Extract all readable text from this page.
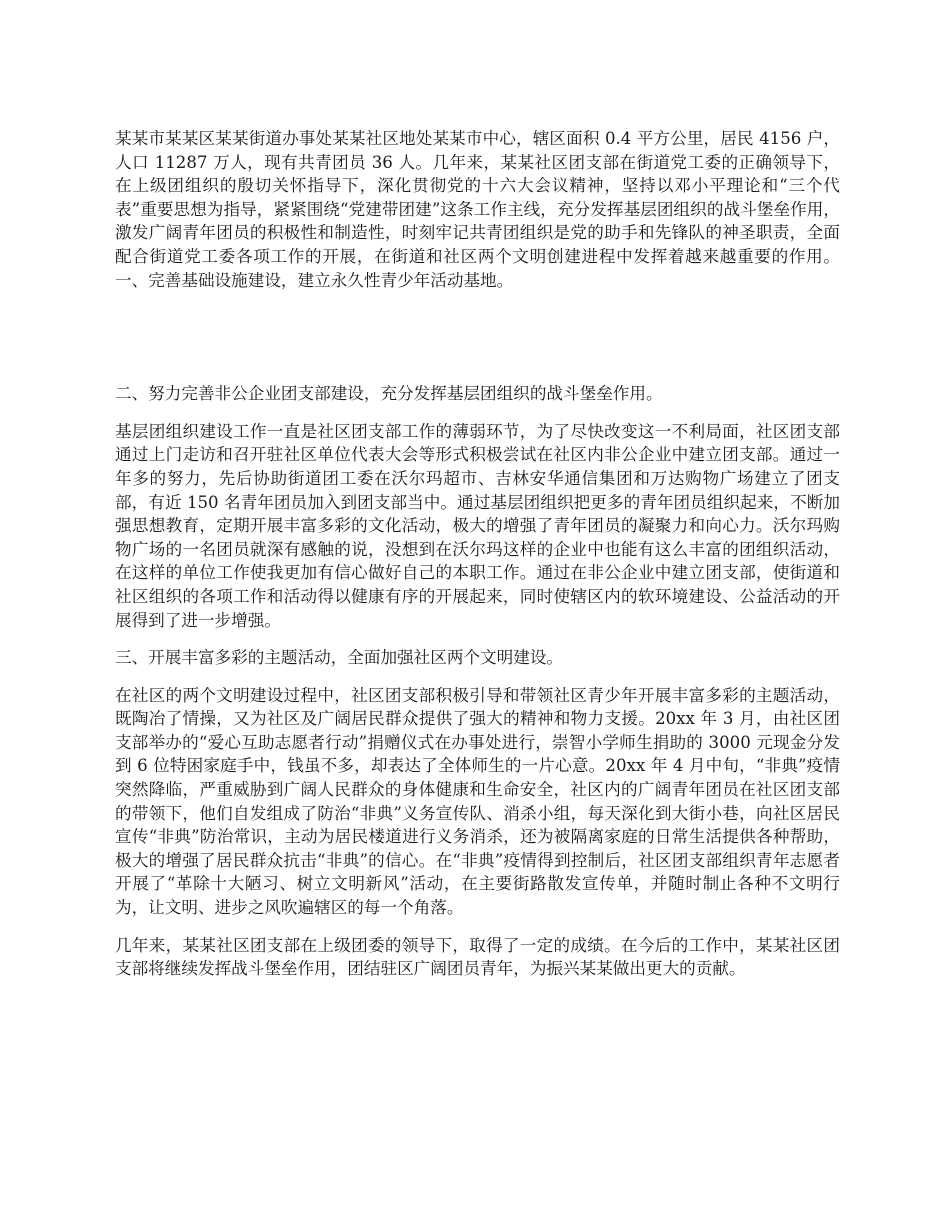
某某市某某区某某街道办事处某某社区地处某某市中心，辖区面积 0.4 平方公里，居民 4156 户，人口 11287 万人，现有共青团员 36 人。几年来，某某社区团支部在街道党工委的正确领导下，在上级团组织的殷切关怀指导下，深化贯彻党的十六大会议精神，坚持以邓小平理论和“三个代表”重要思想为指导，紧紧围绕“党建带团建”这条工作主线，充分发挥基层团组织的战斗堡垒作用，激发广阔青年团员的积极性和制造性，时刻牢记共青团组织是党的助手和先锋队的神圣职责，全面配合街道党工委各项工作的开展，在街道和社区两个文明创建进程中发挥着越来越重要的作用。一、完善基础设施建设，建立永久性青少年活动基地。

二、努力完善非公企业团支部建设，充分发挥基层团组织的战斗堡垒作用。

基层团组织建设工作一直是社区团支部工作的薄弱环节，为了尽快改变这一不利局面，社区团支部通过上门走访和召开驻社区单位代表大会等形式积极尝试在社区内非公企业中建立团支部。通过一年多的努力，先后协助街道团工委在沃尔玛超市、吉林安华通信集团和万达购物广场建立了团支部，有近 150 名青年团员加入到团支部当中。通过基层团组织把更多的青年团员组织起来，不断加强思想教育，定期开展丰富多彩的文化活动，极大的增强了青年团员的凝聚力和向心力。沃尔玛购物广场的一名团员就深有感触的说，没想到在沃尔玛这样的企业中也能有这么丰富的团组织活动，在这样的单位工作使我更加有信心做好自己的本职工作。通过在非公企业中建立团支部，使街道和社区组织的各项工作和活动得以健康有序的开展起来，同时使辖区内的软环境建设、公益活动的开展得到了进一步增强。

三、开展丰富多彩的主题活动，全面加强社区两个文明建设。

在社区的两个文明建设过程中，社区团支部积极引导和带领社区青少年开展丰富多彩的主题活动，既陶冶了情操，又为社区及广阔居民群众提供了强大的精神和物力支援。20xx 年 3 月，由社区团支部举办的“爱心互助志愿者行动”捐赠仪式在办事处进行，崇智小学师生捐助的 3000 元现金分发到 6 位特困家庭手中，钱虽不多，却表达了全体师生的一片心意。20xx 年 4 月中旬，“非典”疫情突然降临，严重威胁到广阔人民群众的身体健康和生命安全，社区内的广阔青年团员在社区团支部的带领下，他们自发组成了防治“非典”义务宣传队、消杀小组，每天深化到大街小巷，向社区居民宣传“非典”防治常识，主动为居民楼道进行义务消杀，还为被隔离家庭的日常生活提供各种帮助，极大的增强了居民群众抗击“非典”的信心。在“非典”疫情得到控制后，社区团支部组织青年志愿者开展了“革除十大陋习、树立文明新风”活动，在主要街路散发宣传单，并随时制止各种不文明行为，让文明、进步之风吹遍辖区的每一个角落。

几年来，某某社区团支部在上级团委的领导下，取得了一定的成绩。在今后的工作中，某某社区团支部将继续发挥战斗堡垒作用，团结驻区广阔团员青年，为振兴某某做出更大的贡献。
